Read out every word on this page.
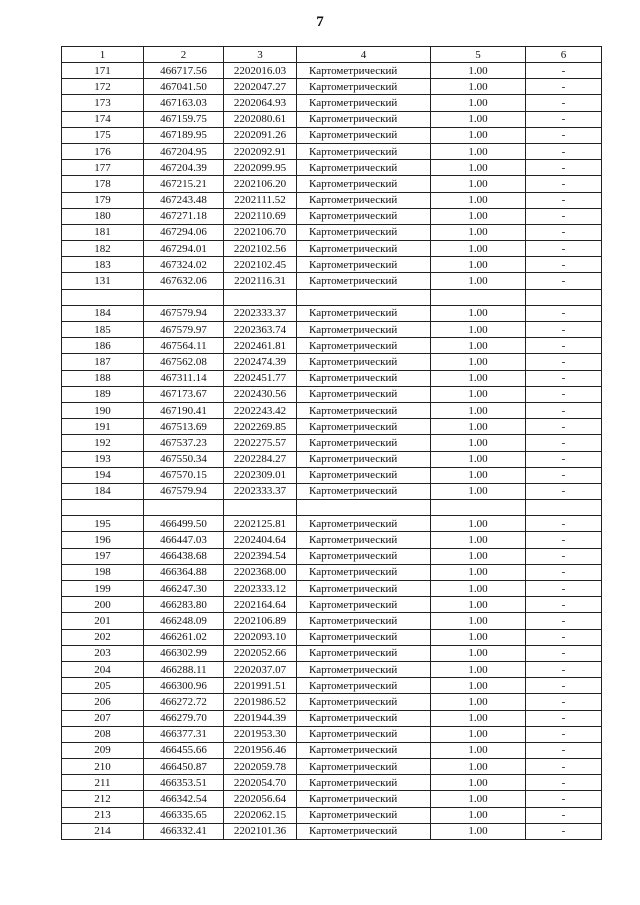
7
1	2	3	4	5	6
171	466717.56	2202016.03	Картометрический	1.00	-
172	467041.50	2202047.27	Картометрический	1.00	-
173	467163.03	2202064.93	Картометрический	1.00	-
174	467159.75	2202080.61	Картометрический	1.00	-
175	467189.95	2202091.26	Картометрический	1.00	-
176	467204.95	2202092.91	Картометрический	1.00	-
177	467204.39	2202099.95	Картометрический	1.00	-
178	467215.21	2202106.20	Картометрический	1.00	-
179	467243.48	2202111.52	Картометрический	1.00	-
180	467271.18	2202110.69	Картометрический	1.00	-
181	467294.06	2202106.70	Картометрический	1.00	-
182	467294.01	2202102.56	Картометрический	1.00	-
183	467324.02	2202102.45	Картометрический	1.00	-
131	467632.06	2202116.31	Картометрический	1.00	-

184	467579.94	2202333.37	Картометрический	1.00	-
185	467579.97	2202363.74	Картометрический	1.00	-
186	467564.11	2202461.81	Картометрический	1.00	-
187	467562.08	2202474.39	Картометрический	1.00	-
188	467311.14	2202451.77	Картометрический	1.00	-
189	467173.67	2202430.56	Картометрический	1.00	-
190	467190.41	2202243.42	Картометрический	1.00	-
191	467513.69	2202269.85	Картометрический	1.00	-
192	467537.23	2202275.57	Картометрический	1.00	-
193	467550.34	2202284.27	Картометрический	1.00	-
194	467570.15	2202309.01	Картометрический	1.00	-
184	467579.94	2202333.37	Картометрический	1.00	-

195	466499.50	2202125.81	Картометрический	1.00	-
196	466447.03	2202404.64	Картометрический	1.00	-
197	466438.68	2202394.54	Картометрический	1.00	-
198	466364.88	2202368.00	Картометрический	1.00	-
199	466247.30	2202333.12	Картометрический	1.00	-
200	466283.80	2202164.64	Картометрический	1.00	-
201	466248.09	2202106.89	Картометрический	1.00	-
202	466261.02	2202093.10	Картометрический	1.00	-
203	466302.99	2202052.66	Картометрический	1.00	-
204	466288.11	2202037.07	Картометрический	1.00	-
205	466300.96	2201991.51	Картометрический	1.00	-
206	466272.72	2201986.52	Картометрический	1.00	-
207	466279.70	2201944.39	Картометрический	1.00	-
208	466377.31	2201953.30	Картометрический	1.00	-
209	466455.66	2201956.46	Картометрический	1.00	-
210	466450.87	2202059.78	Картометрический	1.00	-
211	466353.51	2202054.70	Картометрический	1.00	-
212	466342.54	2202056.64	Картометрический	1.00	-
213	466335.65	2202062.15	Картометрический	1.00	-
214	466332.41	2202101.36	Картометрический	1.00	-
